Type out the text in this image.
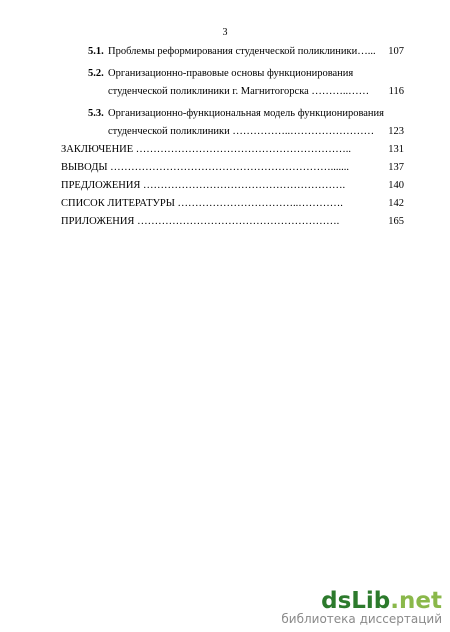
3
5.1. Проблемы реформирования студенческой поликлиники…...	107
5.2. Организационно-правовые основы функционирования
студенческой поликлиники г. Магнитогорска ………..……	116
5.3. Организационно-функциональная модель функционирования
студенческой поликлиники ……………..……………………	123
ЗАКЛЮЧЕНИЕ ……………………………………………………..	131
ВЫВОДЫ ……………………………………………………….......	137
ПРЕДЛОЖЕНИЯ ………………………………………………….	140
СПИСОК ЛИТЕРАТУРЫ ……………………………..………….	142
ПРИЛОЖЕНИЯ ………………………………………………….	165
dsLib.net
библиотека диссертаций
